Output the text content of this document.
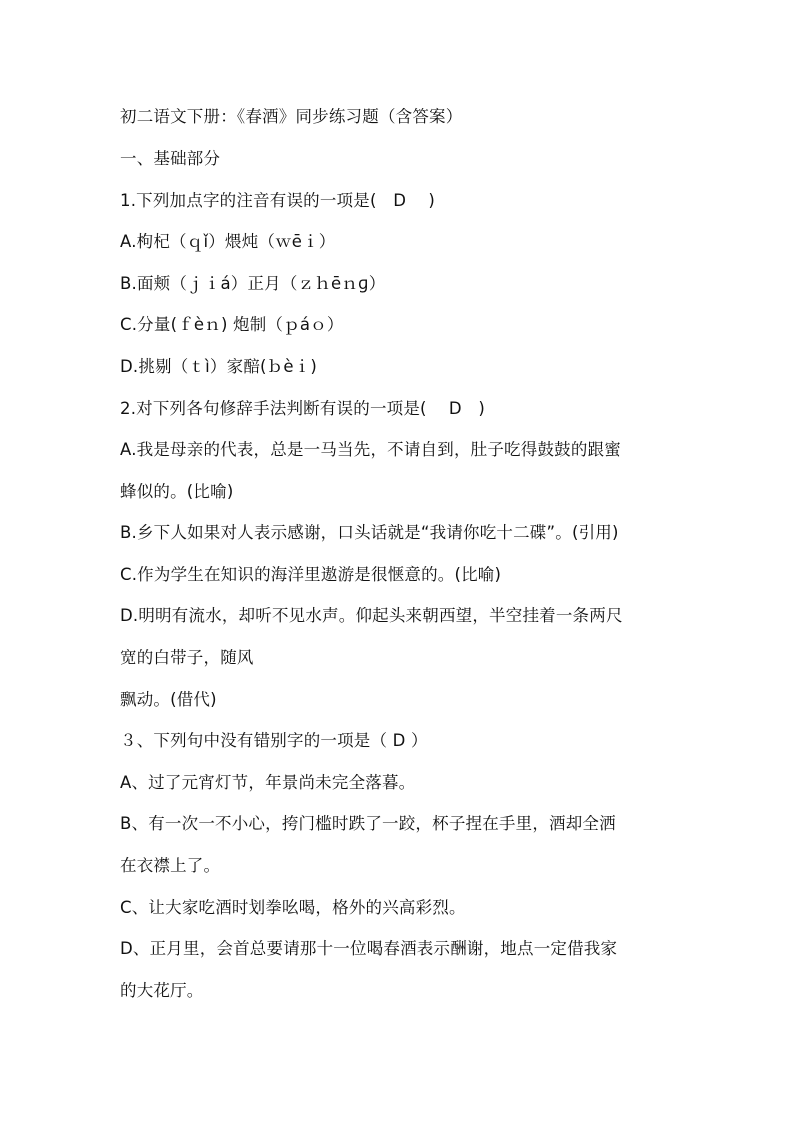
初二语文下册：《春酒》同步练习题（含答案）
一、基础部分
1.下列加点字的注音有误的一项是(　D　 )
A.枸杞（ｑǐ）煨炖（ｗēｉ）
B.面颊（ｊｉá）正月（ｚｈēｎɡ）
C.分量(ｆèｎ) 炮制（ｐáｏ）
D.挑剔（ｔì）家醅(ｂèｉ)
2.对下列各句修辞手法判断有误的一项是(　 D　)
A.我是母亲的代表，总是一马当先，不请自到，肚子吃得鼓鼓的跟蜜
蜂似的。(比喻)
B.乡下人如果对人表示感谢，口头话就是“我请你吃十二碟”。(引用)
C.作为学生在知识的海洋里遨游是很惬意的。(比喻)
D.明明有流水，却听不见水声。仰起头来朝西望，半空挂着一条两尺
宽的白带子，随风
飘动。(借代)
３、下列句中没有错别字的一项是（ D ）
A、过了元宵灯节，年景尚未完全落暮。
B、有一次一不小心，挎门槛时跌了一跤，杯子捏在手里，酒却全洒
在衣襟上了。
C、让大家吃酒时划拳吆喝，格外的兴高彩烈。
D、正月里，会首总要请那十一位喝春酒表示酬谢，地点一定借我家
的大花厅。
